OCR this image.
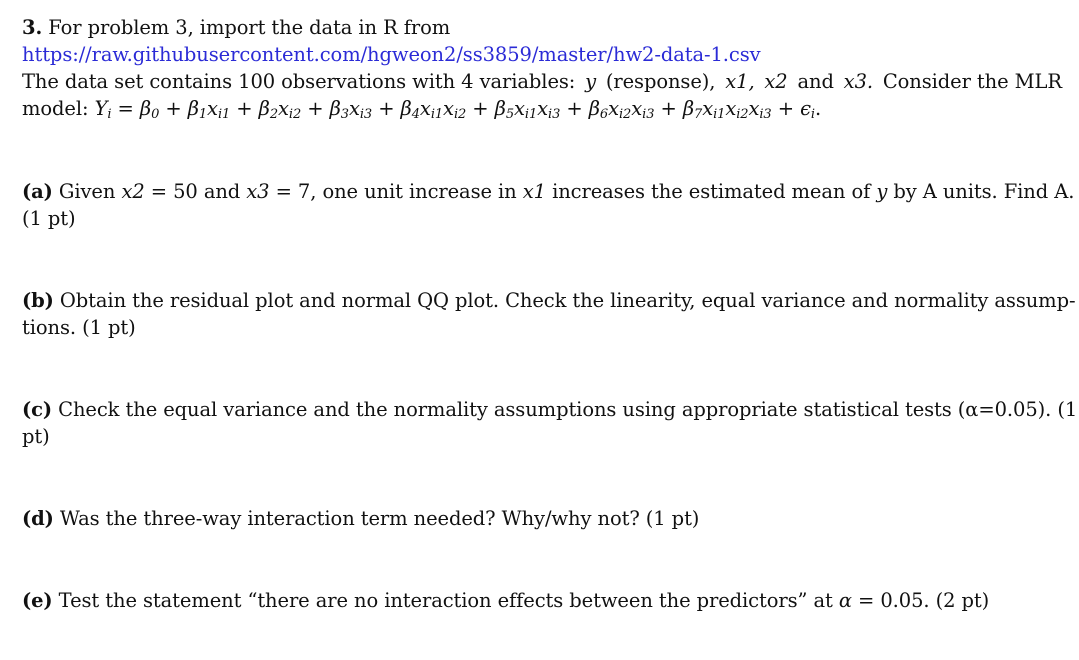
3. For problem 3, import the data in R from
https://raw.githubusercontent.com/hgweon2/ss3859/master/hw2-data-1.csv
The data set contains 100 observations with 4 variables: y (response), x1, x2 and x3. Consider the MLR
model: $Y_i = \beta_0 + \beta_1x_{i1} + \beta_2x_{i2} + \beta_3x_{i3} + \beta_4x_{i1}x_{i2} + \beta_5x_{i1}x_{i3} + \beta_6x_{i2}x_{i3} + \beta_7x_{i1}x_{i2}x_{i3} + \epsilon_i$.
(a) Given x2 = 50 and x3 = 7, one unit increase in x1 increases the estimated mean of y by A units. Find A.
(1 pt)
(b) Obtain the residual plot and normal QQ plot. Check the linearity, equal variance and normality assump-
tions. (1 pt)
(c) Check the equal variance and the normality assumptions using appropriate statistical tests (α=0.05). (1
pt)
(d) Was the three-way interaction term needed? Why/why not? (1 pt)
(e) Test the statement “there are no interaction effects between the predictors” at α = 0.05. (2 pt)
